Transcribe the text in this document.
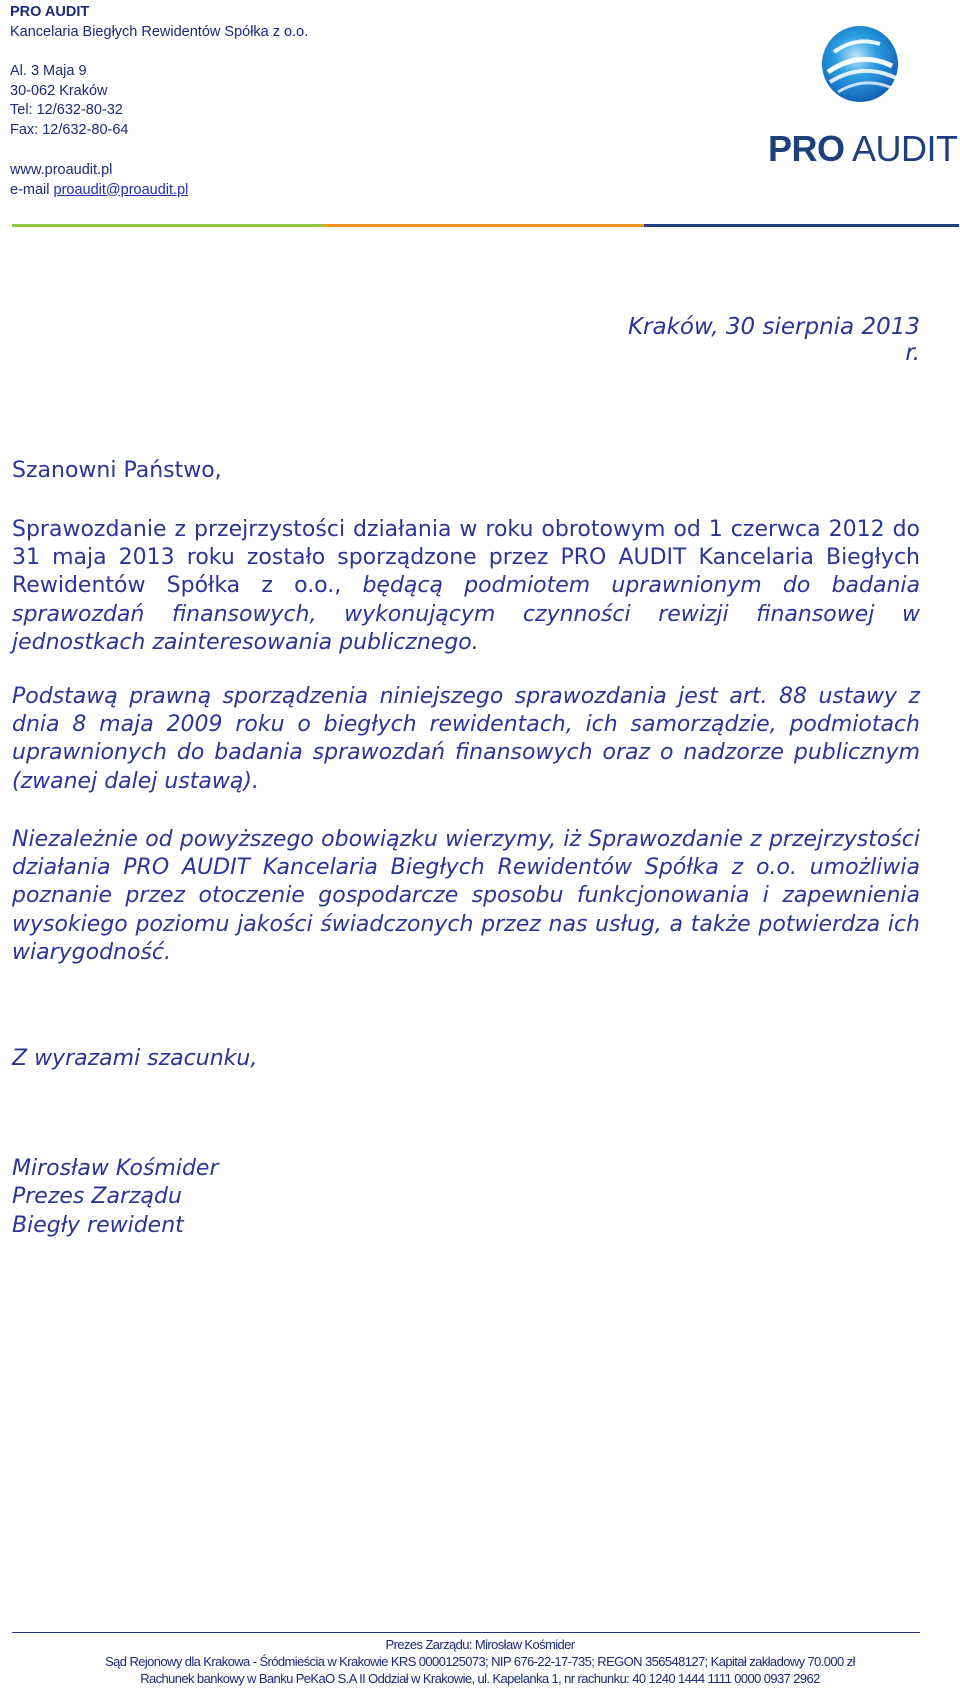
PRO AUDIT
Kancelaria Biegłych Rewidentów Spółka z o.o.
Al. 3 Maja 9
30-062 Kraków
Tel: 12/632-80-32
Fax: 12/632-80-64
www.proaudit.pl
e-mail proaudit@proaudit.pl
PRO AUDIT
Kraków, 30 sierpnia 2013 r.
Szanowni Państwo,
Sprawozdanie z przejrzystości działania w roku obrotowym od 1 czerwca 2012 do 31 maja 2013 roku zostało sporządzone przez PRO AUDIT Kancelaria Biegłych Rewidentów Spółka z o.o., będącą podmiotem uprawnionym do badania sprawozdań finansowych, wykonującym czynności rewizji finansowej w jednostkach zainteresowania publicznego.
Podstawą prawną sporządzenia niniejszego sprawozdania jest art. 88 ustawy z dnia 8 maja 2009 roku o biegłych rewidentach, ich samorządzie, podmiotach uprawnionych do badania sprawozdań finansowych oraz o nadzorze publicznym (zwanej dalej ustawą).
Niezależnie od powyższego obowiązku wierzymy, iż Sprawozdanie z przejrzystości działania PRO AUDIT Kancelaria Biegłych Rewidentów Spółka z o.o. umożliwia poznanie przez otoczenie gospodarcze sposobu funkcjonowania i zapewnienia wysokiego poziomu jakości świadczonych przez nas usług, a także potwierdza ich wiarygodność.
Z wyrazami szacunku,
Mirosław Kośmider
Prezes Zarządu
Biegły rewident
Prezes Zarządu: Mirosław Kośmider
Sąd Rejonowy dla Krakowa - Śródmieścia w Krakowie KRS 0000125073; NIP 676-22-17-735; REGON 356548127; Kapitał zakładowy 70.000 zł
Rachunek bankowy w Banku PeKaO S.A II Oddział w Krakowie, ul. Kapelanka 1, nr rachunku: 40 1240 1444 1111 0000 0937 2962
